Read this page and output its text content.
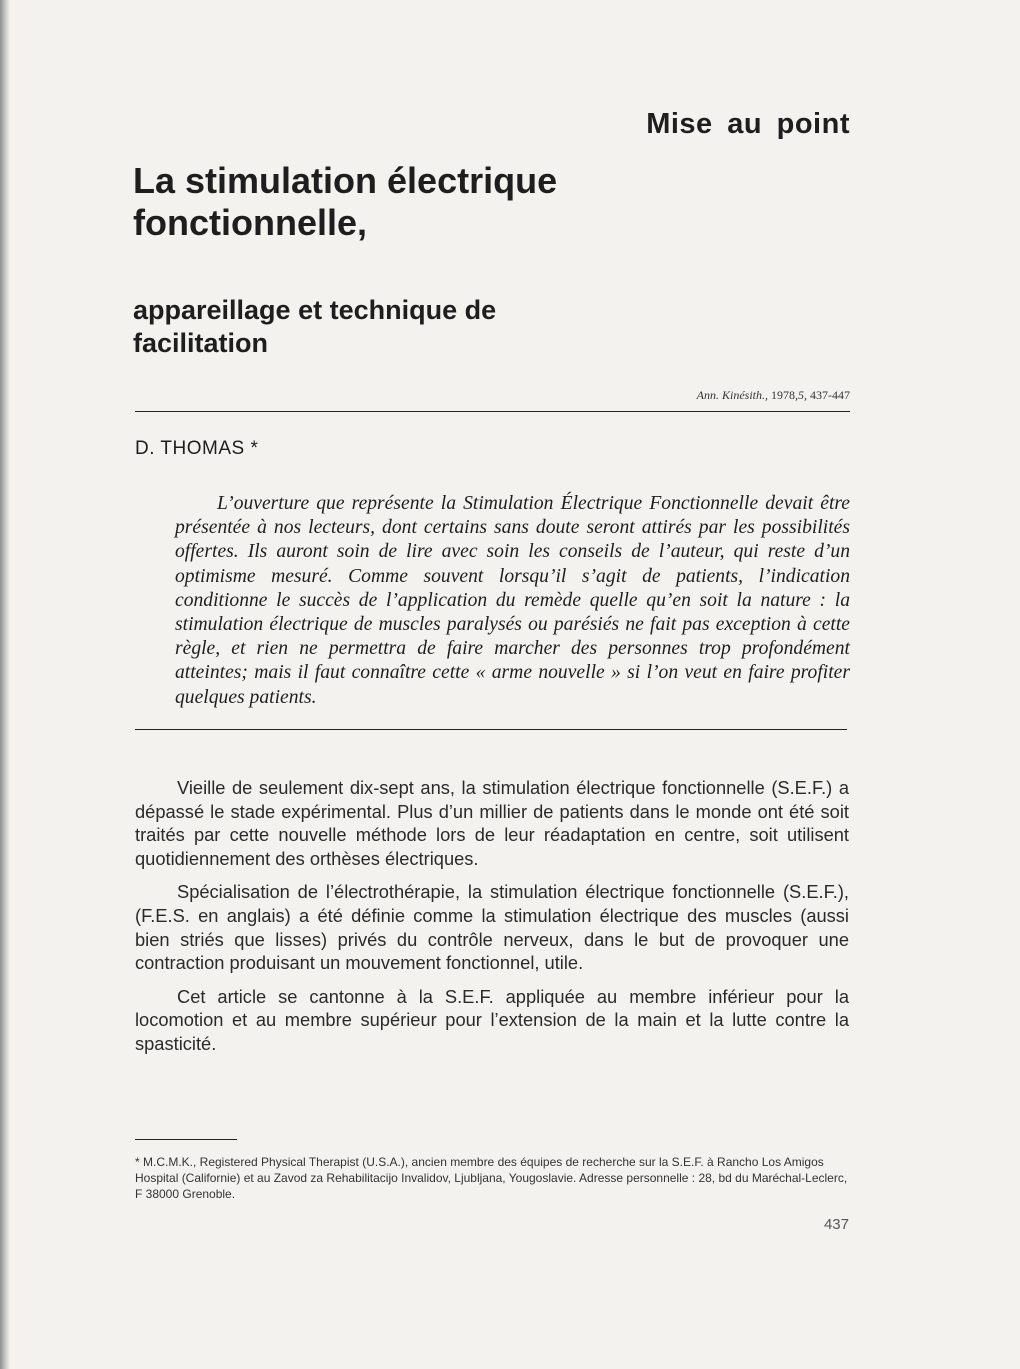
Mise au point
La stimulation électrique fonctionnelle,
appareillage et technique de facilitation
Ann. Kinésith., 1978,5, 437-447

D. THOMAS *

L’ouverture que représente la Stimulation Électrique Fonctionnelle devait être présentée à nos lecteurs, dont certains sans doute seront attirés par les possibilités offertes. Ils auront soin de lire avec soin les conseils de l’auteur, qui reste d’un optimisme mesuré. Comme souvent lorsqu’il s’agit de patients, l’indication conditionne le succès de l’application du remède quelle qu’en soit la nature : la stimulation électrique de muscles paralysés ou parésiés ne fait pas exception à cette règle, et rien ne permettra de faire marcher des personnes trop profondément atteintes; mais il faut connaître cette « arme nouvelle » si l’on veut en faire profiter quelques patients.

Vieille de seulement dix-sept ans, la stimulation électrique fonctionnelle (S.E.F.) a dépassé le stade expérimental. Plus d’un millier de patients dans le monde ont été soit traités par cette nouvelle méthode lors de leur réadaptation en centre, soit utilisent quotidiennement des orthèses électriques.

Spécialisation de l’électrothérapie, la stimulation électrique fonctionnelle (S.E.F.), (F.E.S. en anglais) a été définie comme la stimulation électrique des muscles (aussi bien striés que lisses) privés du contrôle nerveux, dans le but de provoquer une contraction produisant un mouvement fonctionnel, utile.

Cet article se cantonne à la S.E.F. appliquée au membre inférieur pour la locomotion et au membre supérieur pour l’extension de la main et la lutte contre la spasticité.

* M.C.M.K., Registered Physical Therapist (U.S.A.), ancien membre des équipes de recherche sur la S.E.F. à Rancho Los Amigos Hospital (Californie) et au Zavod za Rehabilitacijo Invalidov, Ljubljana, Yougoslavie. Adresse personnelle : 28, bd du Maréchal-Leclerc, F 38000 Grenoble.

437
